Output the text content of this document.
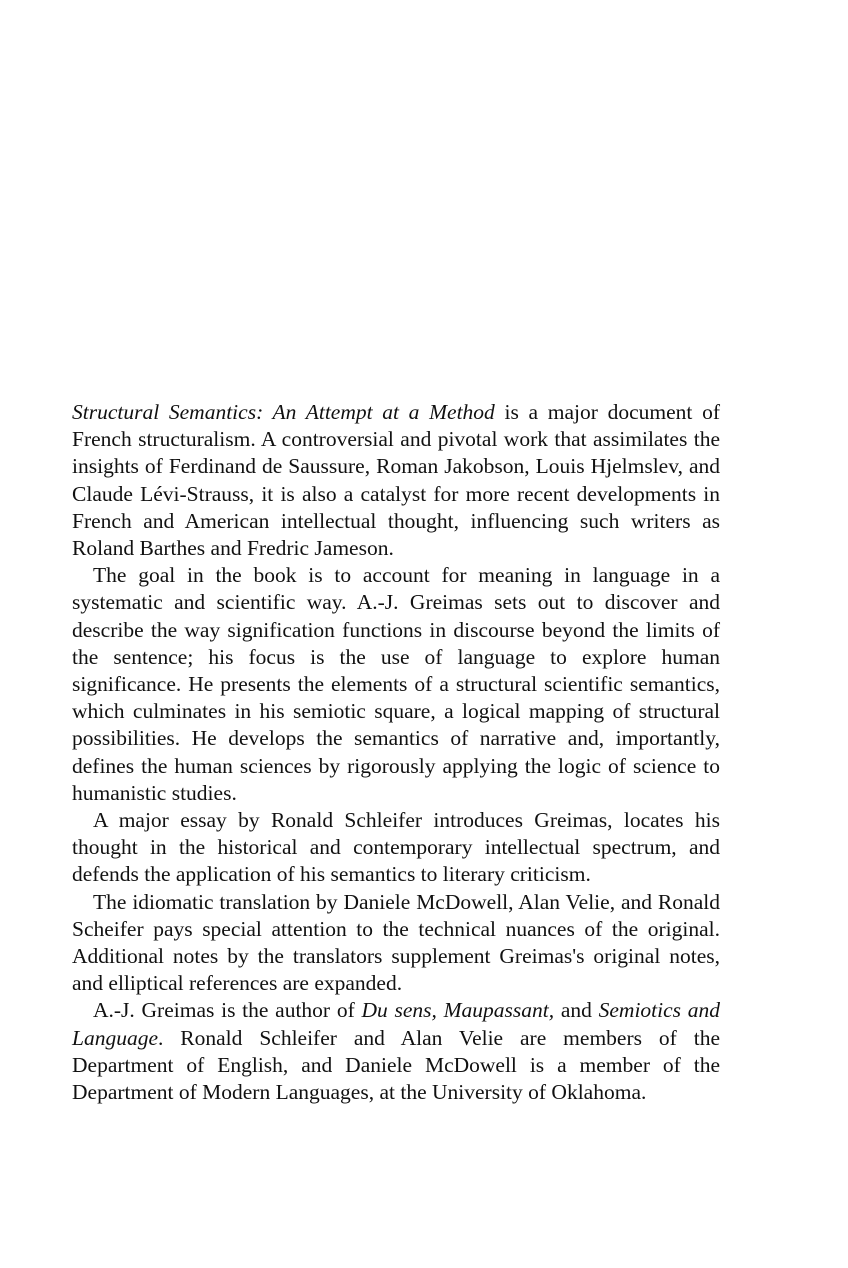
Structural Semantics: An Attempt at a Method is a major document of French structuralism. A controversial and pivotal work that assimilates the insights of Ferdinand de Saussure, Roman Jakobson, Louis Hjelmslev, and Claude Lévi-Strauss, it is also a catalyst for more recent developments in French and American intellectual thought, influencing such writers as Roland Barthes and Fredric Jameson.

The goal in the book is to account for meaning in language in a systematic and scientific way. A.-J. Greimas sets out to discover and describe the way signification functions in discourse beyond the limits of the sentence; his focus is the use of language to explore human significance. He presents the elements of a structural scientific semantics, which culminates in his semiotic square, a logical mapping of structural possibilities. He develops the semantics of narrative and, importantly, defines the human sciences by rigorously applying the logic of science to humanistic studies.

A major essay by Ronald Schleifer introduces Greimas, locates his thought in the historical and contemporary intellectual spectrum, and defends the application of his semantics to literary criticism.

The idiomatic translation by Daniele McDowell, Alan Velie, and Ronald Scheifer pays special attention to the technical nuances of the original. Additional notes by the translators supplement Greimas's original notes, and elliptical references are expanded.

A.-J. Greimas is the author of Du sens, Maupassant, and Semiotics and Language. Ronald Schleifer and Alan Velie are members of the Department of English, and Daniele McDowell is a member of the Department of Modern Languages, at the University of Oklahoma.
